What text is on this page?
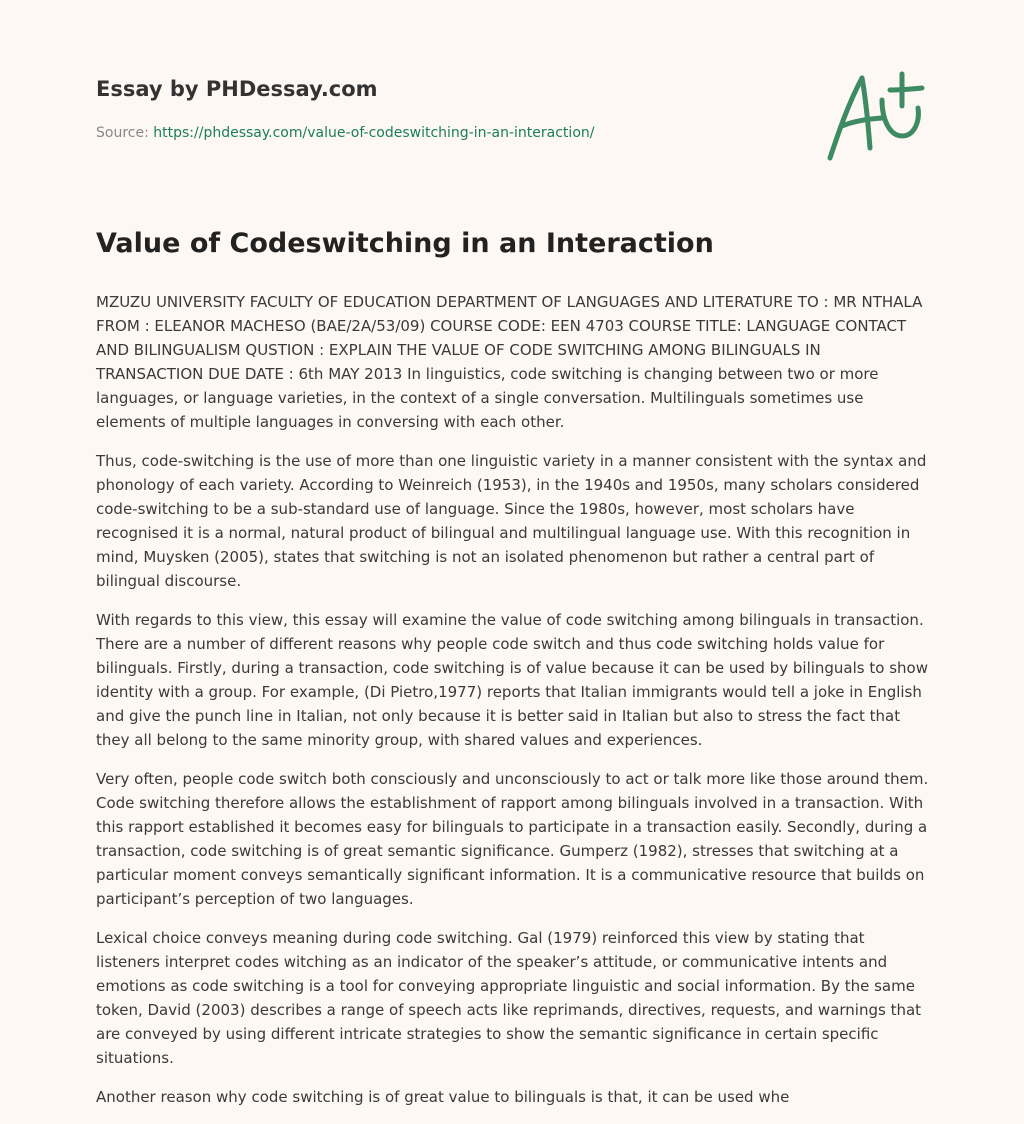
Essay by PHDessay.com
Source: https://phdessay.com/value-of-codeswitching-in-an-interaction/
Value of Codeswitching in an Interaction

MZUZU UNIVERSITY FACULTY OF EDUCATION DEPARTMENT OF LANGUAGES AND LITERATURE TO : MR NTHALA FROM : ELEANOR MACHESO (BAE/2A/53/09) COURSE CODE: EEN 4703 COURSE TITLE: LANGUAGE CONTACT AND BILINGUALISM QUSTION : EXPLAIN THE VALUE OF CODE SWITCHING AMONG BILINGUALS IN TRANSACTION DUE DATE : 6th MAY 2013 In linguistics, code switching is changing between two or more languages, or language varieties, in the context of a single conversation. Multilinguals sometimes use elements of multiple languages in conversing with each other.

Thus, code-switching is the use of more than one linguistic variety in a manner consistent with the syntax and phonology of each variety. According to Weinreich (1953), in the 1940s and 1950s, many scholars considered code-switching to be a sub-standard use of language. Since the 1980s, however, most scholars have recognised it is a normal, natural product of bilingual and multilingual language use. With this recognition in mind, Muysken (2005), states that switching is not an isolated phenomenon but rather a central part of bilingual discourse.

With regards to this view, this essay will examine the value of code switching among bilinguals in transaction. There are a number of different reasons why people code switch and thus code switching holds value for bilinguals. Firstly, during a transaction, code switching is of value because it can be used by bilinguals to show identity with a group. For example, (Di Pietro,1977) reports that Italian immigrants would tell a joke in English and give the punch line in Italian, not only because it is better said in Italian but also to stress the fact that they all belong to the same minority group, with shared values and experiences.

Very often, people code switch both consciously and unconsciously to act or talk more like those around them. Code switching therefore allows the establishment of rapport among bilinguals involved in a transaction. With this rapport established it becomes easy for bilinguals to participate in a transaction easily. Secondly, during a transaction, code switching is of great semantic significance. Gumperz (1982), stresses that switching at a particular moment conveys semantically significant information. It is a communicative resource that builds on participant’s perception of two languages.

Lexical choice conveys meaning during code switching. Gal (1979) reinforced this view by stating that listeners interpret codes witching as an indicator of the speaker’s attitude, or communicative intents and emotions as code switching is a tool for conveying appropriate linguistic and social information. By the same token, David (2003) describes a range of speech acts like reprimands, directives, requests, and warnings that are conveyed by using different intricate strategies to show the semantic significance in certain specific situations.

Another reason why code switching is of great value to bilinguals is that, it can be used whe
